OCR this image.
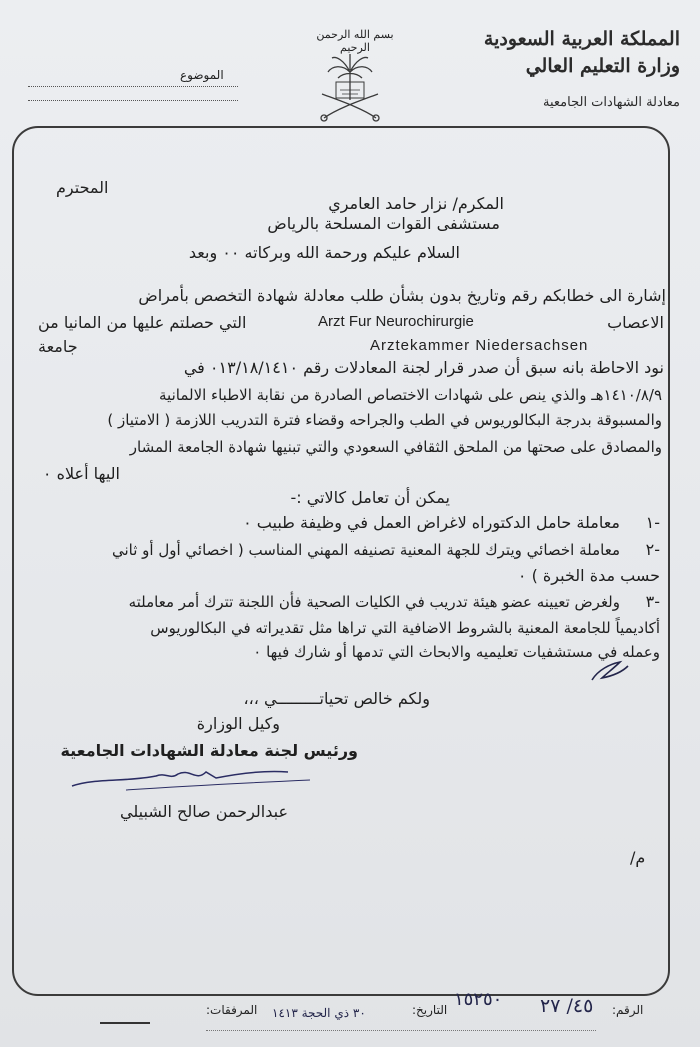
المملكة العربية السعودية
وزارة التعليم العالي
معادلة الشهادات الجامعية
بسم الله الرحمن الرحيم
الموضوع
المحترم
المكرم/ نزار حامد العامري
مستشفى القوات المسلحة بالرياض
السلام عليكم ورحمة الله وبركاته ٠٠ وبعد
إشارة الى خطابكم رقم وتاريخ بدون بشأن طلب معادلة شهادة التخصص بأمراض
الاعصاب
Arzt Fur Neurochirurgie
التي حصلتم عليها من المانيا من
جامعة	Arztekammer Niedersachsen
نود الاحاطة بانه سبق أن صدر قرار لجنة المعادلات رقم ٠١٣/١٨/١٤١٠ في
١٤١٠/٨/٩هـ والذي ينص على شهادات الاختصاص الصادرة من نقابة الاطباء الالمانية
والمسبوقة بدرجة البكالوريوس في الطب والجراحه وقضاء فترة التدريب اللازمة ( الامتياز )
والمصادق على صحتها من الملحق الثقافي السعودي والتي تبنيها شهادة الجامعة المشار
اليها أعلاه ٠
يمكن أن تعامل كالاتي :-
١-
معاملة حامل الدكتوراه لاغراض العمل في وظيفة طبيب ٠
٢-
معاملة اخصائي ويترك للجهة المعنية تصنيفه المهني المناسب ( اخصائي أول أو ثاني
حسب مدة الخبرة ) ٠
٣-
ولغرض تعيينه عضو هيئة تدريب في الكليات الصحية فأن اللجنة تترك أمر معاملته
أكاديمياً للجامعة المعنية بالشروط الاضافية التي تراها مثل تقديراته في البكالوريوس
وعمله في مستشفيات تعليميه والابحاث التي تدمها أو شارك فيها ٠
ولكم خالص تحياتـــــــــي ،،،
وكيل الوزارة
ورئيس لجنة معادلة الشهادات الجامعية
عبدالرحمن صالح الشبيلي
م/
الرقم:
٤٥/ ٢٧
التاريخ: ١٥٢٥٠
٣٠ ذي الحجة ١٤١٣
المرفقات:
